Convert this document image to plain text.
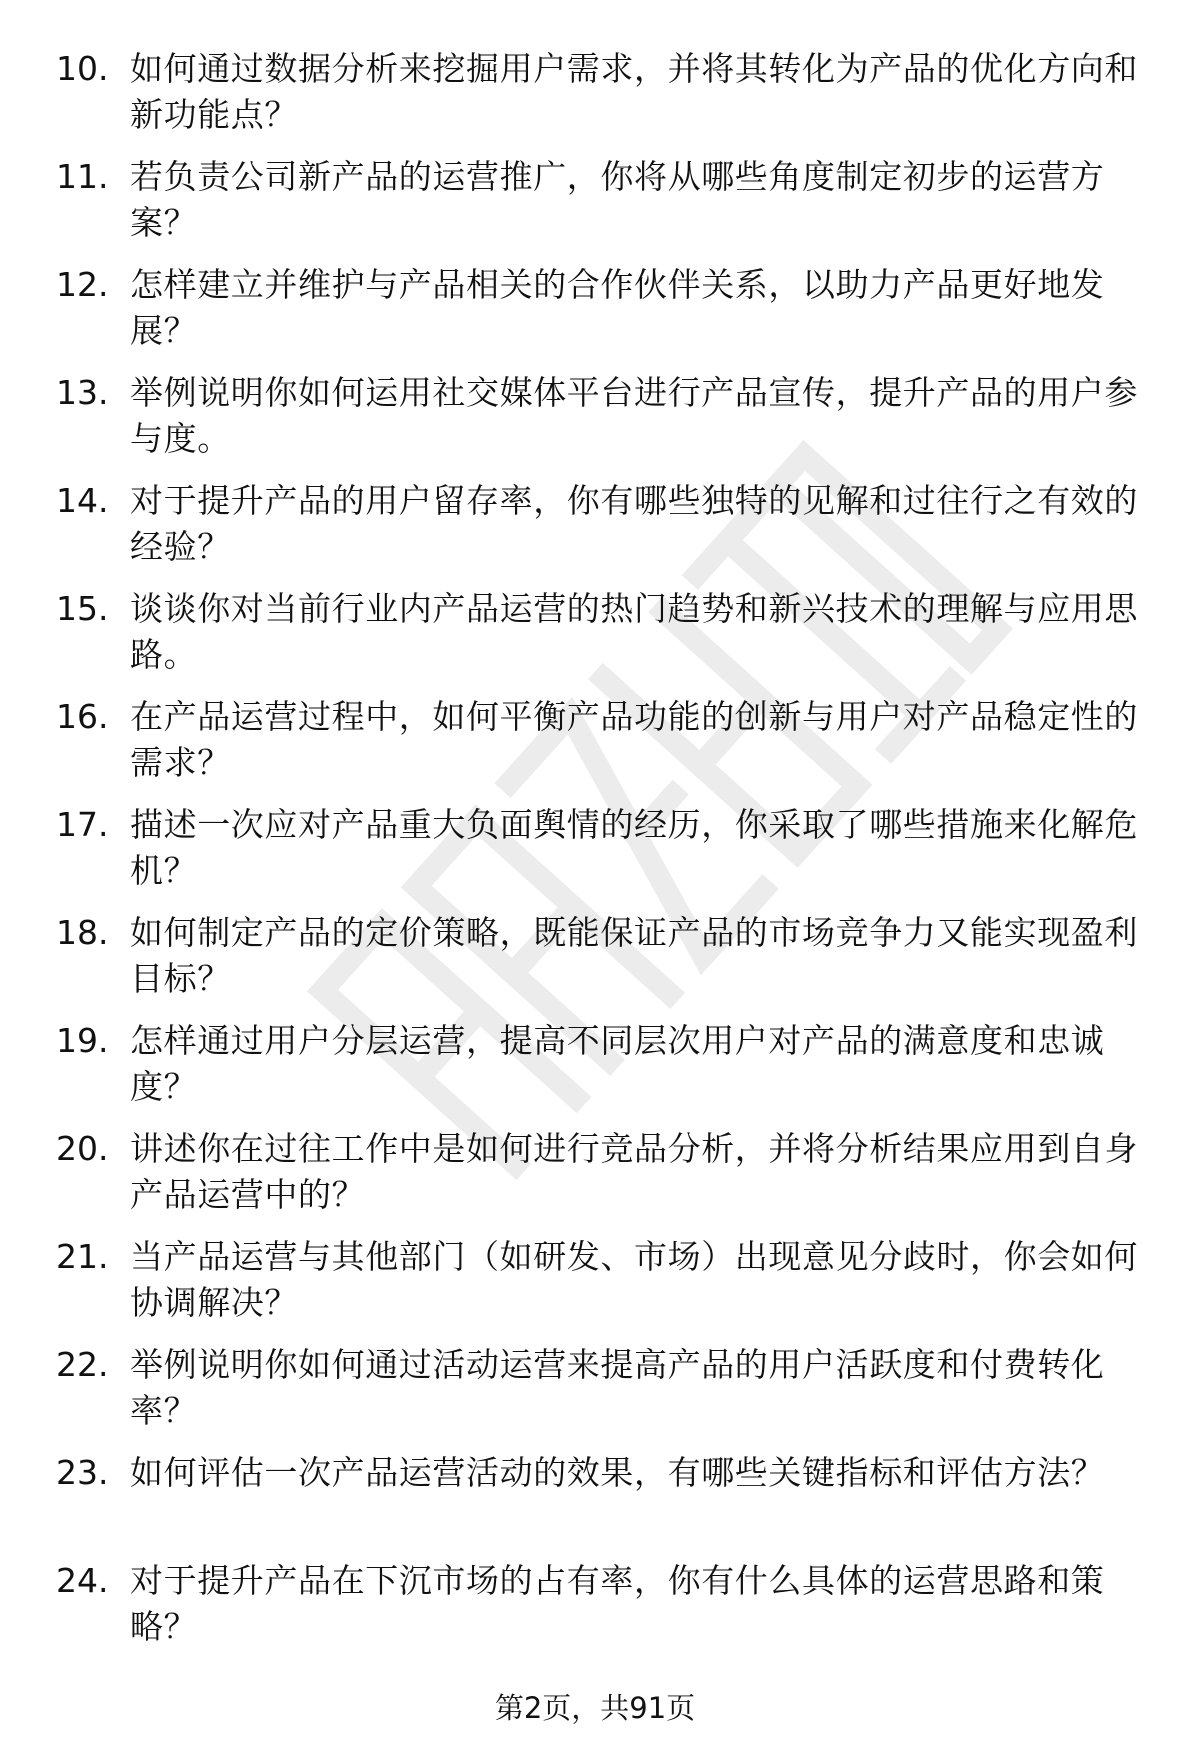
10. 如何通过数据分析来挖掘用户需求，并将其转化为产品的优化方向和新功能点？
11. 若负责公司新产品的运营推广，你将从哪些角度制定初步的运营方案？
12. 怎样建立并维护与产品相关的合作伙伴关系，以助力产品更好地发展？
13. 举例说明你如何运用社交媒体平台进行产品宣传，提升产品的用户参与度。
14. 对于提升产品的用户留存率，你有哪些独特的见解和过往行之有效的经验？
15. 谈谈你对当前行业内产品运营的热门趋势和新兴技术的理解与应用思路。
16. 在产品运营过程中，如何平衡产品功能的创新与用户对产品稳定性的需求？
17. 描述一次应对产品重大负面舆情的经历，你采取了哪些措施来化解危机？
18. 如何制定产品的定价策略，既能保证产品的市场竞争力又能实现盈利目标？
19. 怎样通过用户分层运营，提高不同层次用户对产品的满意度和忠诚度？
20. 讲述你在过往工作中是如何进行竞品分析，并将分析结果应用到自身产品运营中的？
21. 当产品运营与其他部门（如研发、市场）出现意见分歧时，你会如何协调解决？
22. 举例说明你如何通过活动运营来提高产品的用户活跃度和付费转化率？
23. 如何评估一次产品运营活动的效果，有哪些关键指标和评估方法？
24. 对于提升产品在下沉市场的占有率，你有什么具体的运营思路和策略？
第2页，共91页
